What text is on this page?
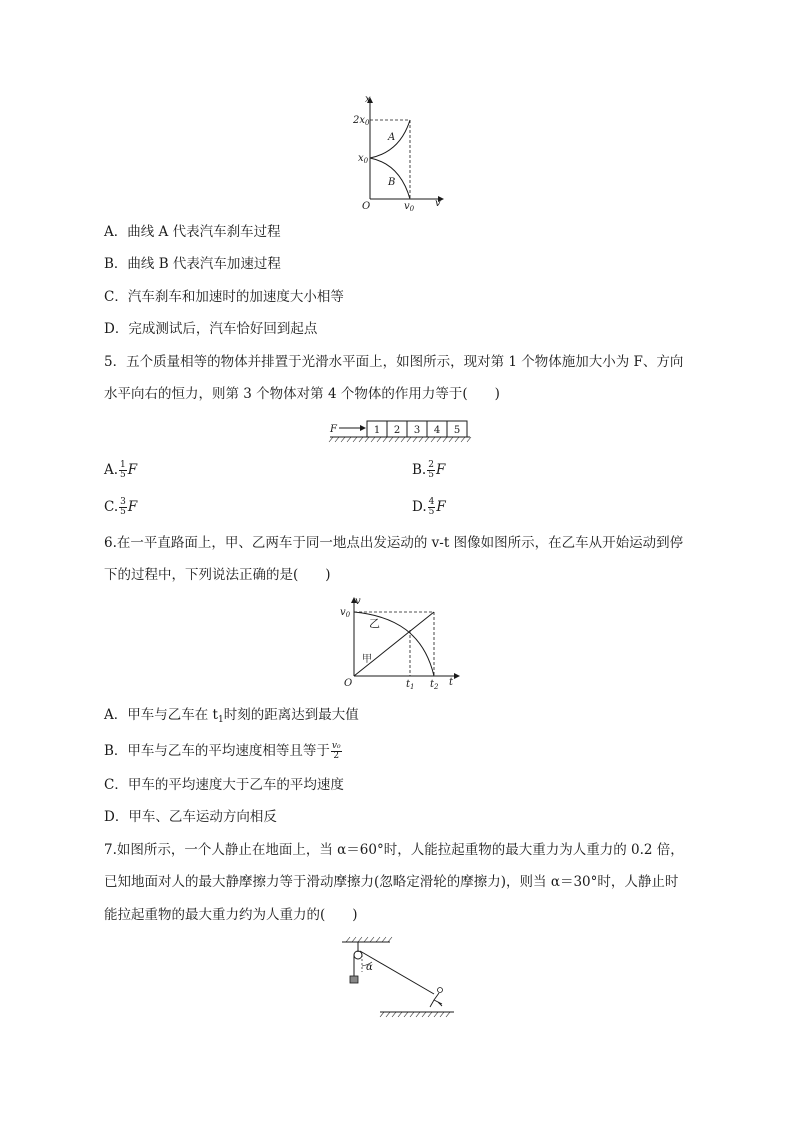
x
$2x_0$
$x_0$
O	$v_0$ v
A
B
A．曲线 A 代表汽车刹车过程
B．曲线 B 代表汽车加速过程
C．汽车刹车和加速时的加速度大小相等
D．完成测试后，汽车恰好回到起点
5．五个质量相等的物体并排置于光滑水平面上，如图所示，现对第 1 个物体施加大小为 F、方向
水平向右的恒力，则第 3 个物体对第 4 个物体的作用力等于(　　)
F	1 2 3 4 5
A. $\frac{1}{5}$ F	B. $\frac{2}{5}$ F
C. $\frac{3}{5}$ F	D. $\frac{4}{5}$ F
6.在一平直路面上，甲、乙两车于同一地点出发运动的 v-t 图像如图所示，在乙车从开始运动到停
下的过程中，下列说法正确的是(　　)
v
$v_0$
O	$t_1$ $t_2$ t
乙
甲
A．甲车与乙车在 $t_1$时刻的距离达到最大值
B．甲车与乙车的平均速度相等且等于 $\frac{\text{v₀}}{2}$
C．甲车的平均速度大于乙车的平均速度
D．甲车、乙车运动方向相反
7.如图所示，一个人静止在地面上，当 α＝60°时，人能拉起重物的最大重力为人重力的 0.2 倍，
已知地面对人的最大静摩擦力等于滑动摩擦力(忽略定滑轮的摩擦力)，则当 α＝30°时，人静止时
能拉起重物的最大重力约为人重力的(　　)
α
